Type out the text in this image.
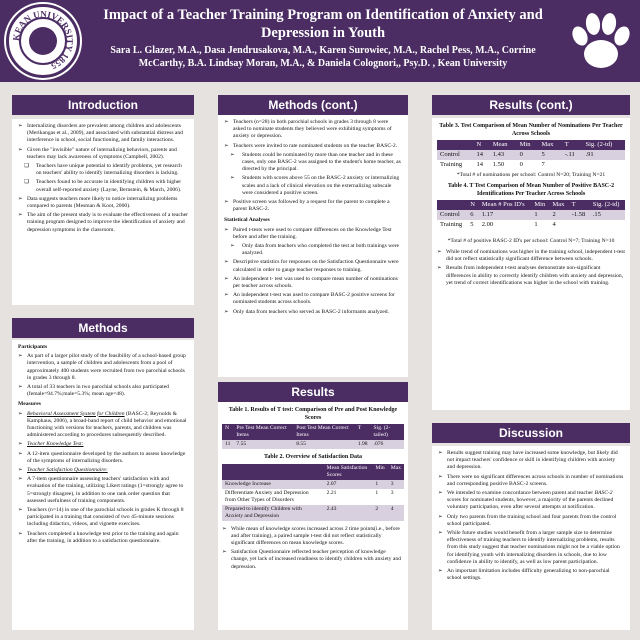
KEAN UNIVERSITY 1855
Impact of a Teacher Training Program on Identification of Anxiety and Depression in Youth
Sara L. Glazer, M.A., Dasa Jendrusakova, M.A., Karen Surowiec, M.A., Rachel Pess, M.A., Corrine McCarthy, B.A. Lindsay Moran, M.A., & Daniela Colognori,, Psy.D. , Kean University
Introduction
➢ Internalizing disorders are prevalent among children and adolescents (Merikangas et al., 2009), and associated with substantial distress and interference in school, social functioning, and family interactions.
➢ Given the "invisible" nature of internalizing behaviors, parents and teachers may lack awareness of symptoms (Campbell, 2002).
❏ Teachers have unique potential to identify problems, yet research on teachers' ability to identify internalizing disorders is lacking.
❏ Teachers found to be accurate in identifying children with higher overall self-reported anxiety (Layne, Bernstein, & March, 2006).
➢ Data suggests teachers more likely to notice internalizing problems compared to parents (Mesman & Koot, 2000).
➢ The aim of the present study is to evaluate the effectiveness of a teacher training program designed to improve the identification of anxiety and depression symptoms in the classroom.
Methods

Participants

➢ As part of a larger pilot study of the feasibility of a school-based group intervention, a sample of children and adolescents from a pool of approximately 400 students were recruited from two parochial schools in grades 3 through 8.
➢ A total of 33 teachers in two parochial schools also participated (female=94.7%;male=5.3%; mean age=48).

Measures

➢ Behavioral Assessment System for Children (BASC-2; Reynolds & Kamphaus, 2006), a broad-band report of child behavior and emotional functioning with versions for teachers, parents, and children was administered according to procedures subsequently described.
➢ Teacher Knowledge Test:
➢ A 12-item questionnaire developed by the authors to assess knowledge of the symptoms of internalizing disorders.
➢ Teacher Satisfaction Questionnaire:
➢ A 7-item questionnaire assessing teachers' satisfaction with and evaluation of the training, utilizing Likert ratings (1=strongly agree to 5=strongly disagree), in addition to one rank order question that assessed usefulness of training components.
➢ Teachers (n=14) in one of the parochial schools in grades K through 8 participated in a training that consisted of two 45-minute sessions including didactics, videos, and vignette exercises.
➢ Teachers completed a knowledge test prior to the training and again after the training, in addition to a satisfaction questionnaire.
Methods (cont.)
➢ Teachers (n=28) in both parochial schools in grades 3 through 8 were asked to nominate students they believed were exhibiting symptoms of anxiety or depression.
➢ Teachers were invited to rate nominated students on the teacher BASC-2.
➢ Students could be nominated by more than one teacher and in these cases, only one BASC-2 was assigned to the student's home teacher, as directed by the principal.
➢ Students with scores above 55 on the BASC-2 anxiety or internalizing scales and a lack of clinical elevation on the externalizing subscale were considered a positive screen.
➢ Positive screen was followed by a request for the parent to complete a parent BASC-2.

Statistical Analyses

➢ Paired t-tests were used to compare differences on the Knowledge Test before and after the training.
➢ Only data from teachers who completed the test at both trainings were analyzed.
➢ Descriptive statistics for responses on the Satisfaction Questionnaire were calculated in order to gauge teacher responses to training.
➢ An independent t- test was used to compare mean number of nominations per teacher across schools.
➢ An independent t-test was used to compare BASC-2 positive screens for nominated students across schools.
➢ Only data from teachers who served as BASC-2 informants analyzed.
Results
Table 1. Results of T test: Comparison of Pre and Post Knowledge Scores
N	Pre Test Mean Correct Items	Post Test Mean Correct Items	T	Sig. (2-tailed)
11	7.55	8.55	1.98	.076
Table 2. Overview of Satisfaction Data
	Mean Satisfaction Scores	Min	Max
Knowledge Increase	2.07	1	3
Differentiate Anxiety and Depression from Other Types of Disorders	2.21	1	3
Prepared to identify Children with Anxiety and Depression	2.43	2	4
➢ While mean of knowledge scores increased across 2 time points(i.e., before and after training), a paired sample t-test did not reflect statistically significant differences on mean knowledge scores.
➢ Satisfaction Questionnaire reflected teacher perception of knowledge change, yet lack of increased readiness to identify children with anxiety and depression.
Results (cont.)
Table 3. Test Comparison of Mean Number of Nominations Per Teacher Across Schools
	N	Mean	Min	Max	T	Sig. (2-td)
Control	14	1.43	0	5	-.11	.91
Training	14	1.50	0	7		
*Total # of nominations per school: Control N=20; Training N=21
Table 4. T Test Comparison of Mean Number of Positive BASC-2 Identifications Per Teacher Across Schools
	N	Mean # Pos ID's	Min	Max	T	Sig. (2-td)
Control	6	1.17	1	2	-1.58	.15
Training	5	2.00	1	4		
*Total # of positive BASC-2 ID's per school: Control N=7; Training N=10
➢ While trend of nominations was higher in the training school, independent t-test did not reflect statistically significant difference between schools.
➢ Results from independent t-test analyses demonstrate non-significant differences in ability to correctly identify children with anxiety and depression, yet trend of correct identifications was higher in the school with training.
Discussion
➢ Results suggest training may have increased some knowledge, but likely did not impact teachers' confidence or skill in identifying children with anxiety and depression.
➢ There were no significant differences across schools in number of nominations and corresponding positive BASC-2 screens.
➢ We intended to examine concordance between parent and teacher BASC-2 scores for nominated students, however, a majority of the parents declined voluntary participation, even after several attempts at notification.
➢ Only two parents from the training school and four parents from the control school participated.
➢ While future studies would benefit from a larger sample size to determine effectiveness of training teachers to identify internalizing problems, results from this study suggest that teacher nominations might not be a viable option for identifying youth with internalizing disorders in schools, due to low confidence in ability to identify, as well as low parent participation.
➢ An important limitation includes difficulty generalizing to non-parochial school settings.
